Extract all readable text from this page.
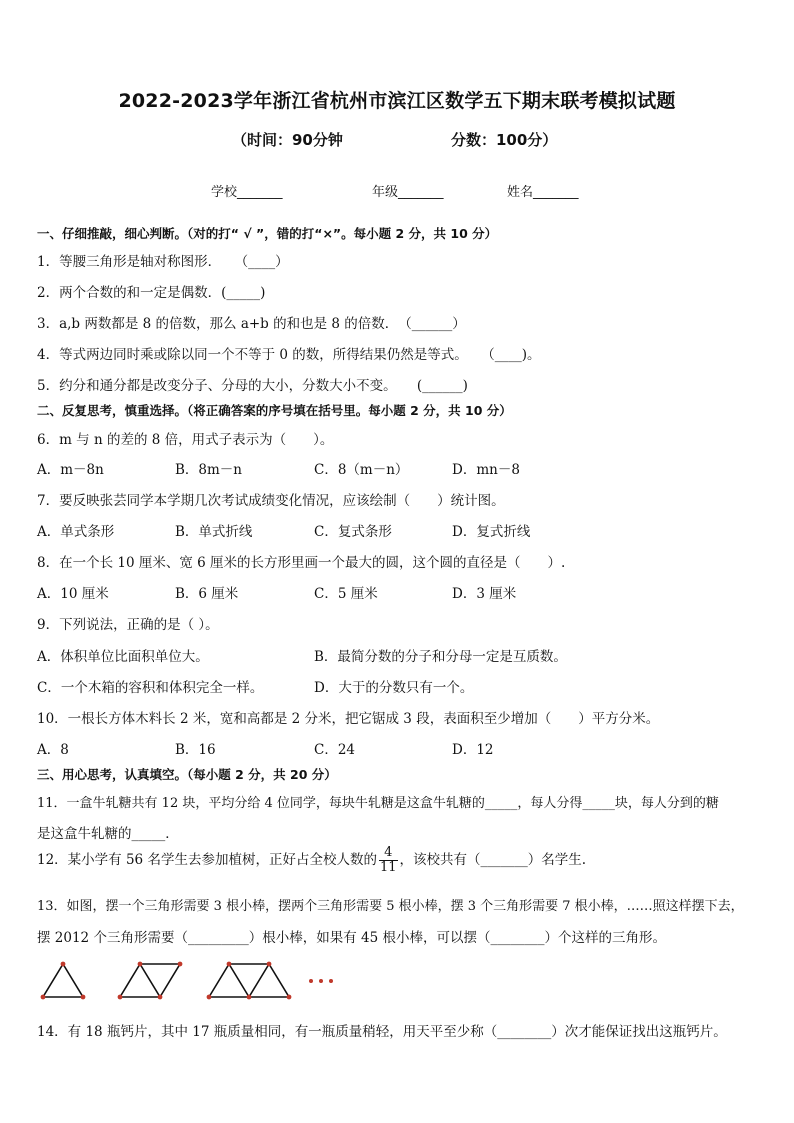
2022-2023学年浙江省杭州市滨江区数学五下期末联考模拟试题
（时间：90分钟	分数：100分）
学校_______	年级_______	姓名_______
一、仔细推敲，细心判断。（对的打“ √ ”，错的打“×”。每小题 2 分，共 10 分）
1．等腰三角形是轴对称图形．　　（____）
2．两个合数的和一定是偶数．(_____)
3．a,b 两数都是 8 的倍数，那么 a+b 的和也是 8 的倍数．　（______）
4．等式两边同时乘或除以同一个不等于 0 的数，所得结果仍然是等式。　　（____)。
5．约分和通分都是改变分子、分母的大小，分数大小不变。　　(______)
二、反复思考，慎重选择。（将正确答案的序号填在括号里。每小题 2 分，共 10 分）
6．m 与 n 的差的 8 倍，用式子表示为（　　）。
A．m－8n	B．8m－n	C．8（m－n）	D．mn－8
7．要反映张芸同学本学期几次考试成绩变化情况，应该绘制（　　）统计图。
A．单式条形	B．单式折线	C．复式条形	D．复式折线
8．在一个长 10 厘米、宽 6 厘米的长方形里画一个最大的圆，这个圆的直径是（　　）.
A．10 厘米	B．6 厘米	C．5 厘米	D．3 厘米
9．下列说法，正确的是（ ）。
A．体积单位比面积单位大。	B．最简分数的分子和分母一定是互质数。
C．一个木箱的容积和体积完全一样。	D．大于的分数只有一个。
10．一根长方体木料长 2 米，宽和高都是 2 分米，把它锯成 3 段，表面积至少增加（　　）平方分米。
A．8	B．16	C．24	D．12
三、用心思考，认真填空。（每小题 2 分，共 20 分）
11．一盒牛轧糖共有 12 块，平均分给 4 位同学，每块牛轧糖是这盒牛轧糖的_____，每人分得_____块，每人分到的糖
是这盒牛轧糖的_____．
12．某小学有 56 名学生去参加植树，正好占全校人数的 $\frac{4}{11}$ ，该校共有（_______）名学生.
13．如图，摆一个三角形需要 3 根小棒，摆两个三角形需要 5 根小棒，摆 3 个三角形需要 7 根小棒，……照这样摆下去，
摆 2012 个三角形需要（_________）根小棒，如果有 45 根小棒，可以摆（________）个这样的三角形。
14．有 18 瓶钙片，其中 17 瓶质量相同，有一瓶质量稍轻，用天平至少称（________）次才能保证找出这瓶钙片。
